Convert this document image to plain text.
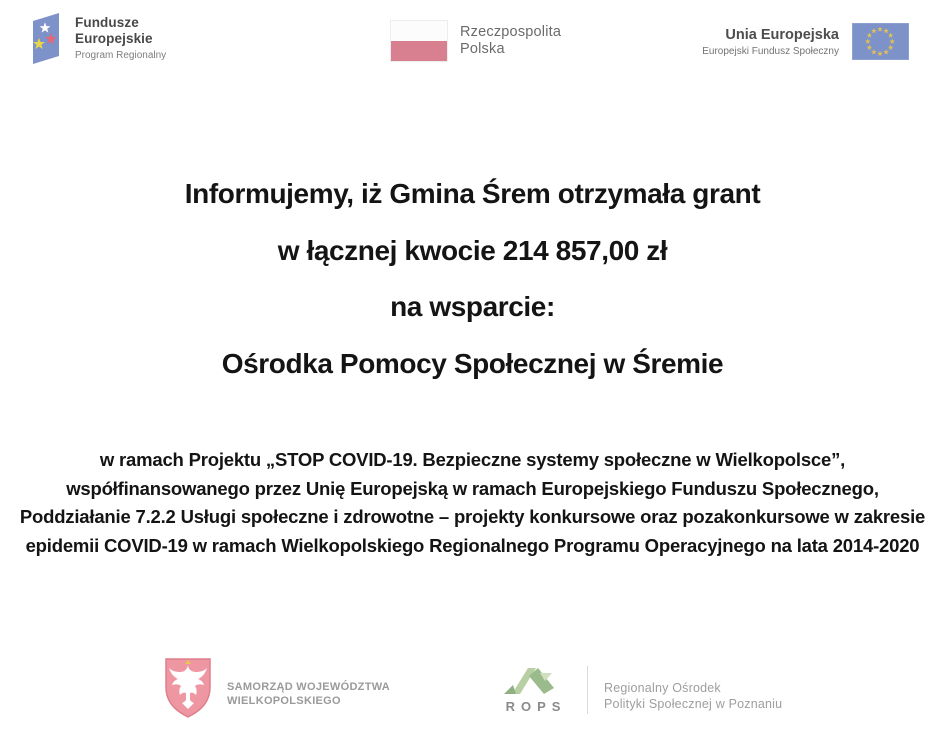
Fundusze
Europejskie
Program Regionalny
Rzeczpospolita
Polska
Unia Europejska
Europejski Fundusz Społeczny
Informujemy, iż Gmina Śrem otrzymała grant
w łącznej kwocie 214 857,00 zł
na wsparcie:
Ośrodka Pomocy Społecznej w Śremie
w ramach Projektu „STOP COVID-19. Bezpieczne systemy społeczne w Wielkopolsce”,
współfinansowanego przez Unię Europejską w ramach Europejskiego Funduszu Społecznego,
Poddziałanie 7.2.2 Usługi społeczne i zdrowotne – projekty konkursowe oraz pozakonkursowe w zakresie
epidemii COVID-19 w ramach Wielkopolskiego Regionalnego Programu Operacyjnego na lata 2014-2020
SAMORZĄD WOJEWÓDZTWA
WIELKOPOLSKIEGO	ROPS
Regionalny Ośrodek
Polityki Społecznej w Poznaniu
